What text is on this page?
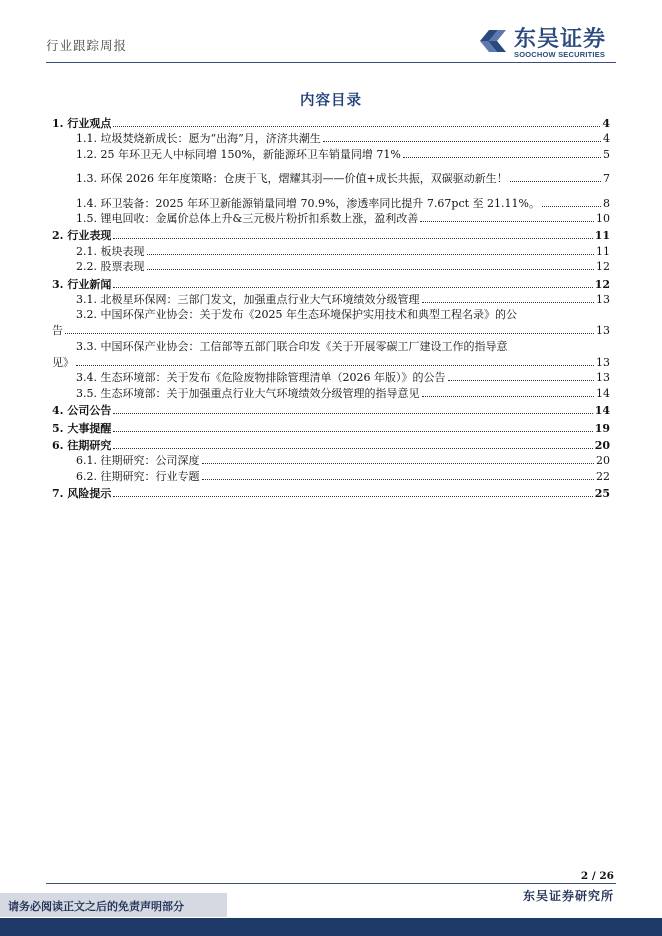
行业跟踪周报	东吴证券
SOOCHOW SECURITIES
内容目录
1. 行业观点	4
1.1. 垃圾焚烧新成长：愿为“出海”月，济济共潮生	4
1.2. 25 年环卫无人中标同增 150%，新能源环卫车销量同增 71%	5
1.3. 环保 2026 年年度策略：仓庚于飞，熠耀其羽——价值+成长共振，双碳驱动新生！	7
1.4. 环卫装备：2025 年环卫新能源销量同增 70.9%，渗透率同比提升 7.67pct 至 21.11%。	8
1.5. 锂电回收：金属价总体上升&三元极片粉折扣系数上涨，盈利改善	10
2. 行业表现	11
2.1. 板块表现	11
2.2. 股票表现	12
3. 行业新闻	12
3.1. 北极星环保网：三部门发文，加强重点行业大气环境绩效分级管理	13
3.2. 中国环保产业协会：关于发布《2025 年生态环境保护实用技术和典型工程名录》的公
告	13
3.3. 中国环保产业协会：工信部等五部门联合印发《关于开展零碳工厂建设工作的指导意
见》	13
3.4. 生态环境部：关于发布《危险废物排除管理清单（2026 年版）》的公告	13
3.5. 生态环境部：关于加强重点行业大气环境绩效分级管理的指导意见	14
4. 公司公告	14
5. 大事提醒	19
6. 往期研究	20
6.1. 往期研究：公司深度	20
6.2. 往期研究：行业专题	22
7. 风险提示	25
2 / 26
请务必阅读正文之后的免责声明部分
东吴证券研究所
